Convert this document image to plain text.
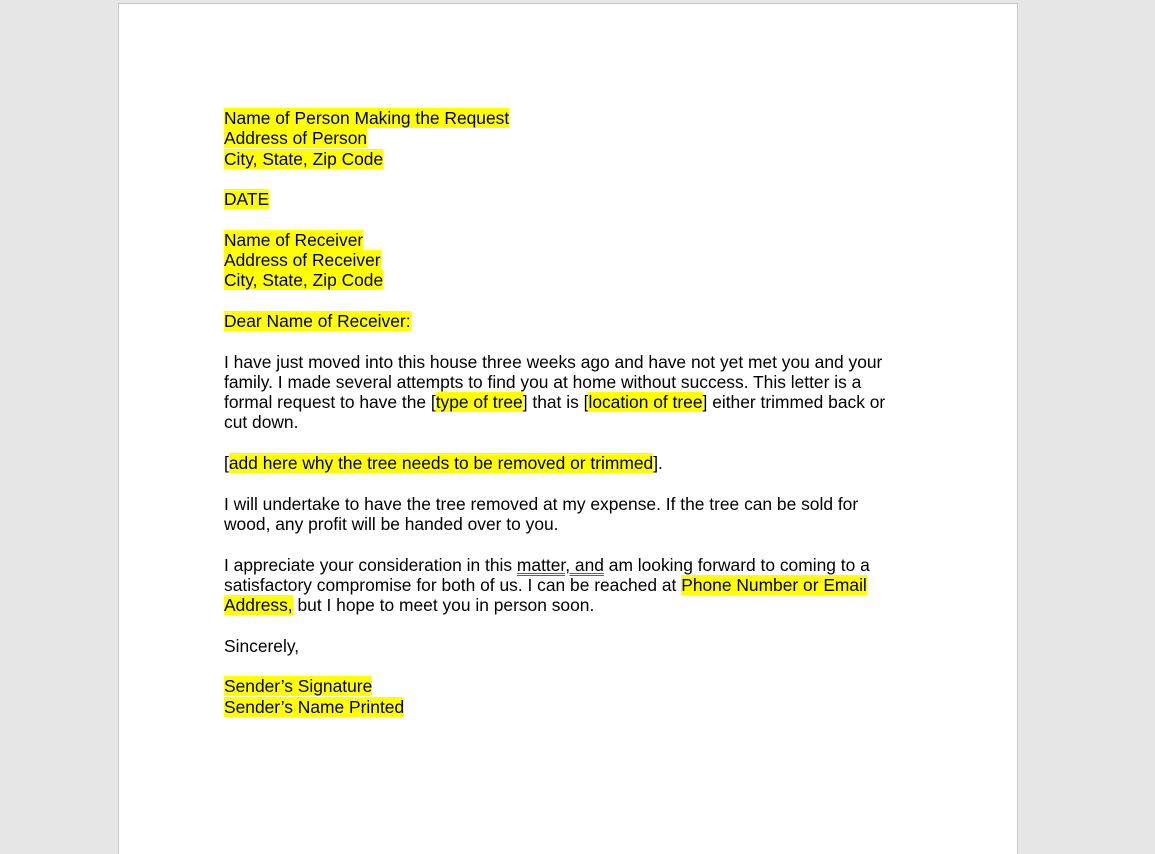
Name of Person Making the Request
Address of Person
City, State, Zip Code

DATE

Name of Receiver
Address of Receiver
City, State, Zip Code

Dear Name of Receiver:

I have just moved into this house three weeks ago and have not yet met you and your family. I made several attempts to find you at home without success. This letter is a formal request to have the [type of tree] that is [location of tree] either trimmed back or cut down.

[add here why the tree needs to be removed or trimmed].

I will undertake to have the tree removed at my expense. If the tree can be sold for wood, any profit will be handed over to you.

I appreciate your consideration in this matter, and am looking forward to coming to a satisfactory compromise for both of us. I can be reached at Phone Number or Email Address, but I hope to meet you in person soon.

Sincerely,

Sender’s Signature
Sender’s Name Printed
